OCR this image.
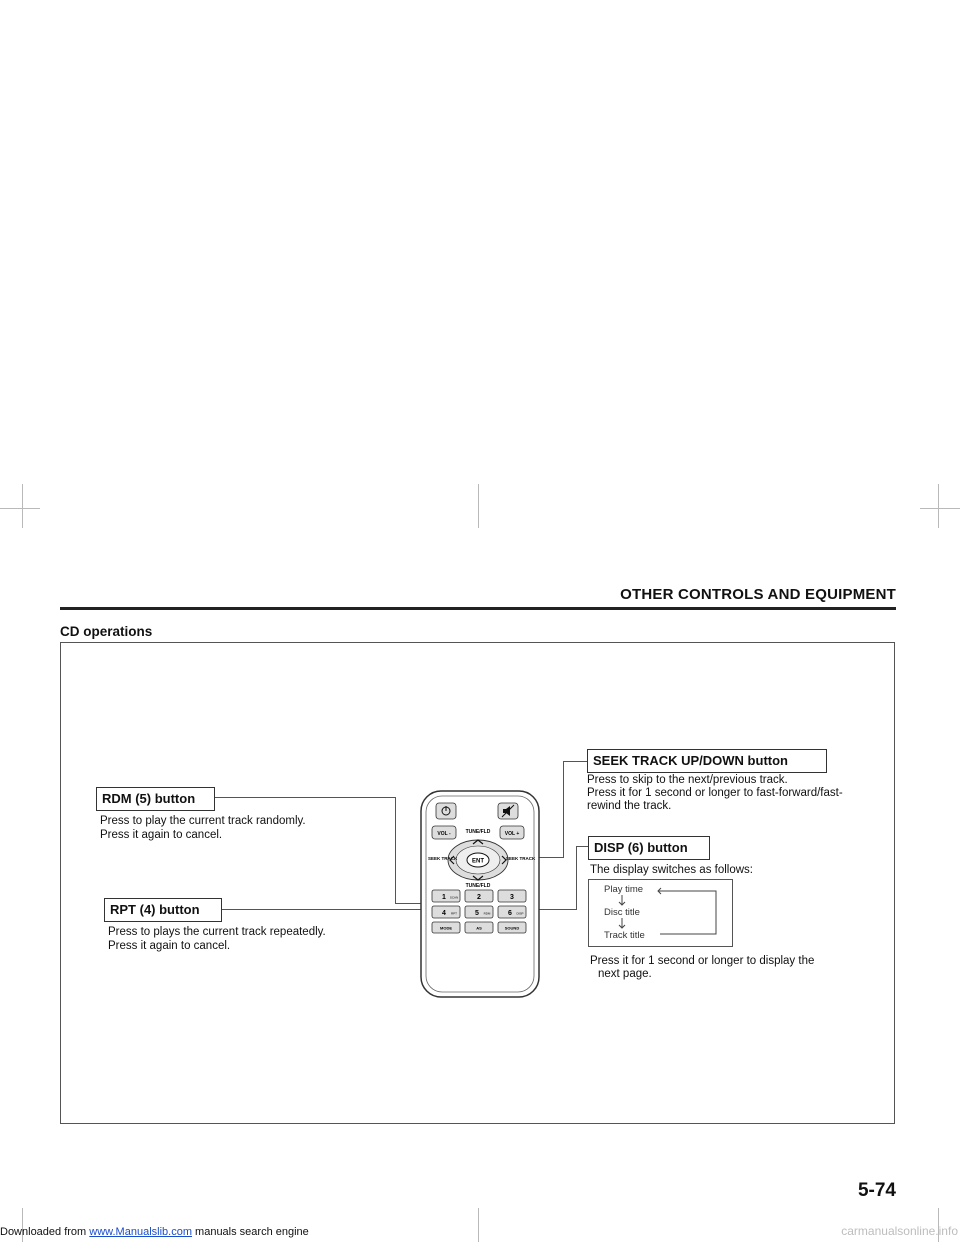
OTHER CONTROLS AND EQUIPMENT
CD operations
RDM (5) button
Press to play the current track randomly.
Press it again to cancel.
RPT (4) button
Press to plays the current track repeatedly.
Press it again to cancel.
SEEK TRACK UP/DOWN button
Press to skip to the next/previous track.
Press it for 1 second or longer to fast-forward/fast-
rewind the track.
DISP (6) button
The display switches as follows:
Play time
Disc title
Track title
Press it for 1 second or longer to display the
next page.
VOL -	VOL +
TUNE/FLD
ENT
SEEK TRACK	SEEK TRACK
TUNE/FLD
1 SCAN	2	3
4 RPT	5 RDM	6 DISP
MODE	AS	SOUND
5-74
Downloaded from www.Manualslib.com manuals search engine	carmanualsonline.info
